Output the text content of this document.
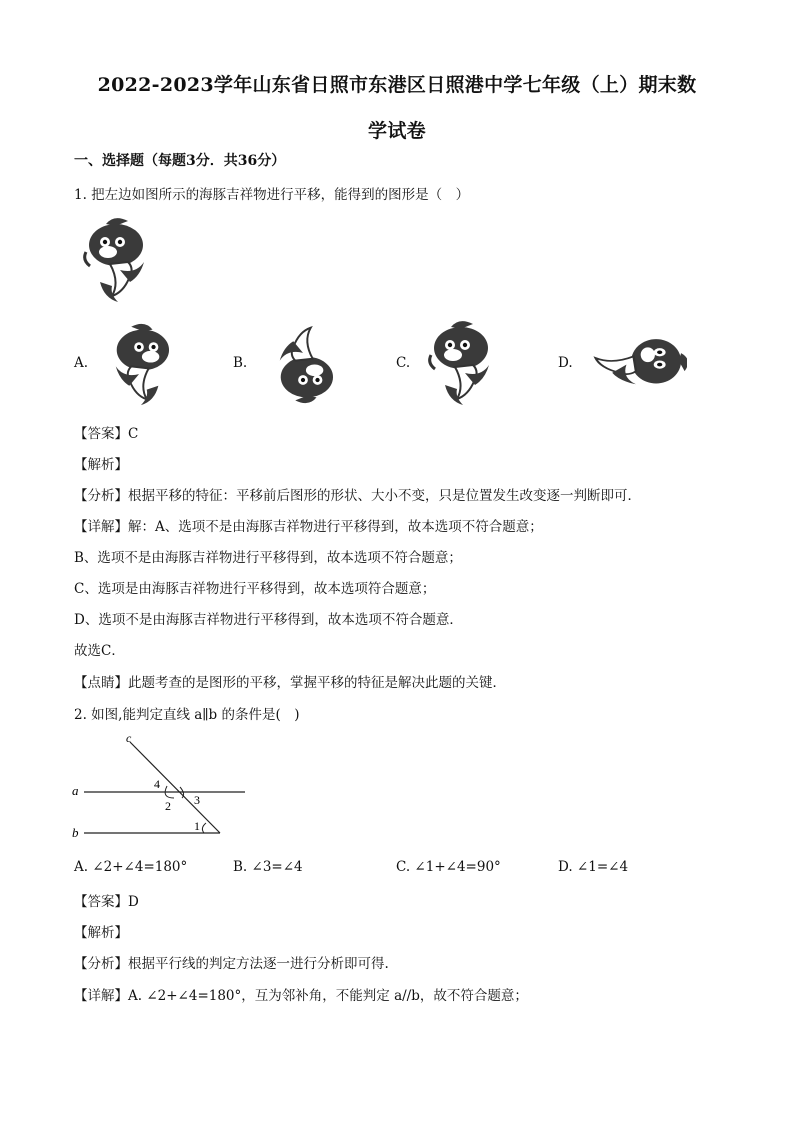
2022-2023学年山东省日照市东港区日照港中学七年级（上）期末数
学试卷
一、选择题（每题3分．共36分）
1. 把左边如图所示的海豚吉祥物进行平移，能得到的图形是（　）
A.	B.	C.	D.
【答案】C
【解析】
【分析】根据平移的特征：平移前后图形的形状、大小不变，只是位置发生改变逐一判断即可．
【详解】解：A、选项不是由海豚吉祥物进行平移得到，故本选项不符合题意；
B、选项不是由海豚吉祥物进行平移得到，故本选项不符合题意；
C、选项是由海豚吉祥物进行平移得到，故本选项符合题意；
D、选项不是由海豚吉祥物进行平移得到，故本选项不符合题意．
故选C．
【点睛】此题考查的是图形的平移，掌握平移的特征是解决此题的关键．
2. 如图,能判定直线 a∥b 的条件是(　)
c
a
b
4
2 3
1
A. ∠2+∠4=180°	B. ∠3=∠4	C. ∠1+∠4=90°	D. ∠1=∠4
【答案】D
【解析】
【分析】根据平行线的判定方法逐一进行分析即可得.
【详解】A. ∠2+∠4=180°，互为邻补角，不能判定 a//b，故不符合题意；
